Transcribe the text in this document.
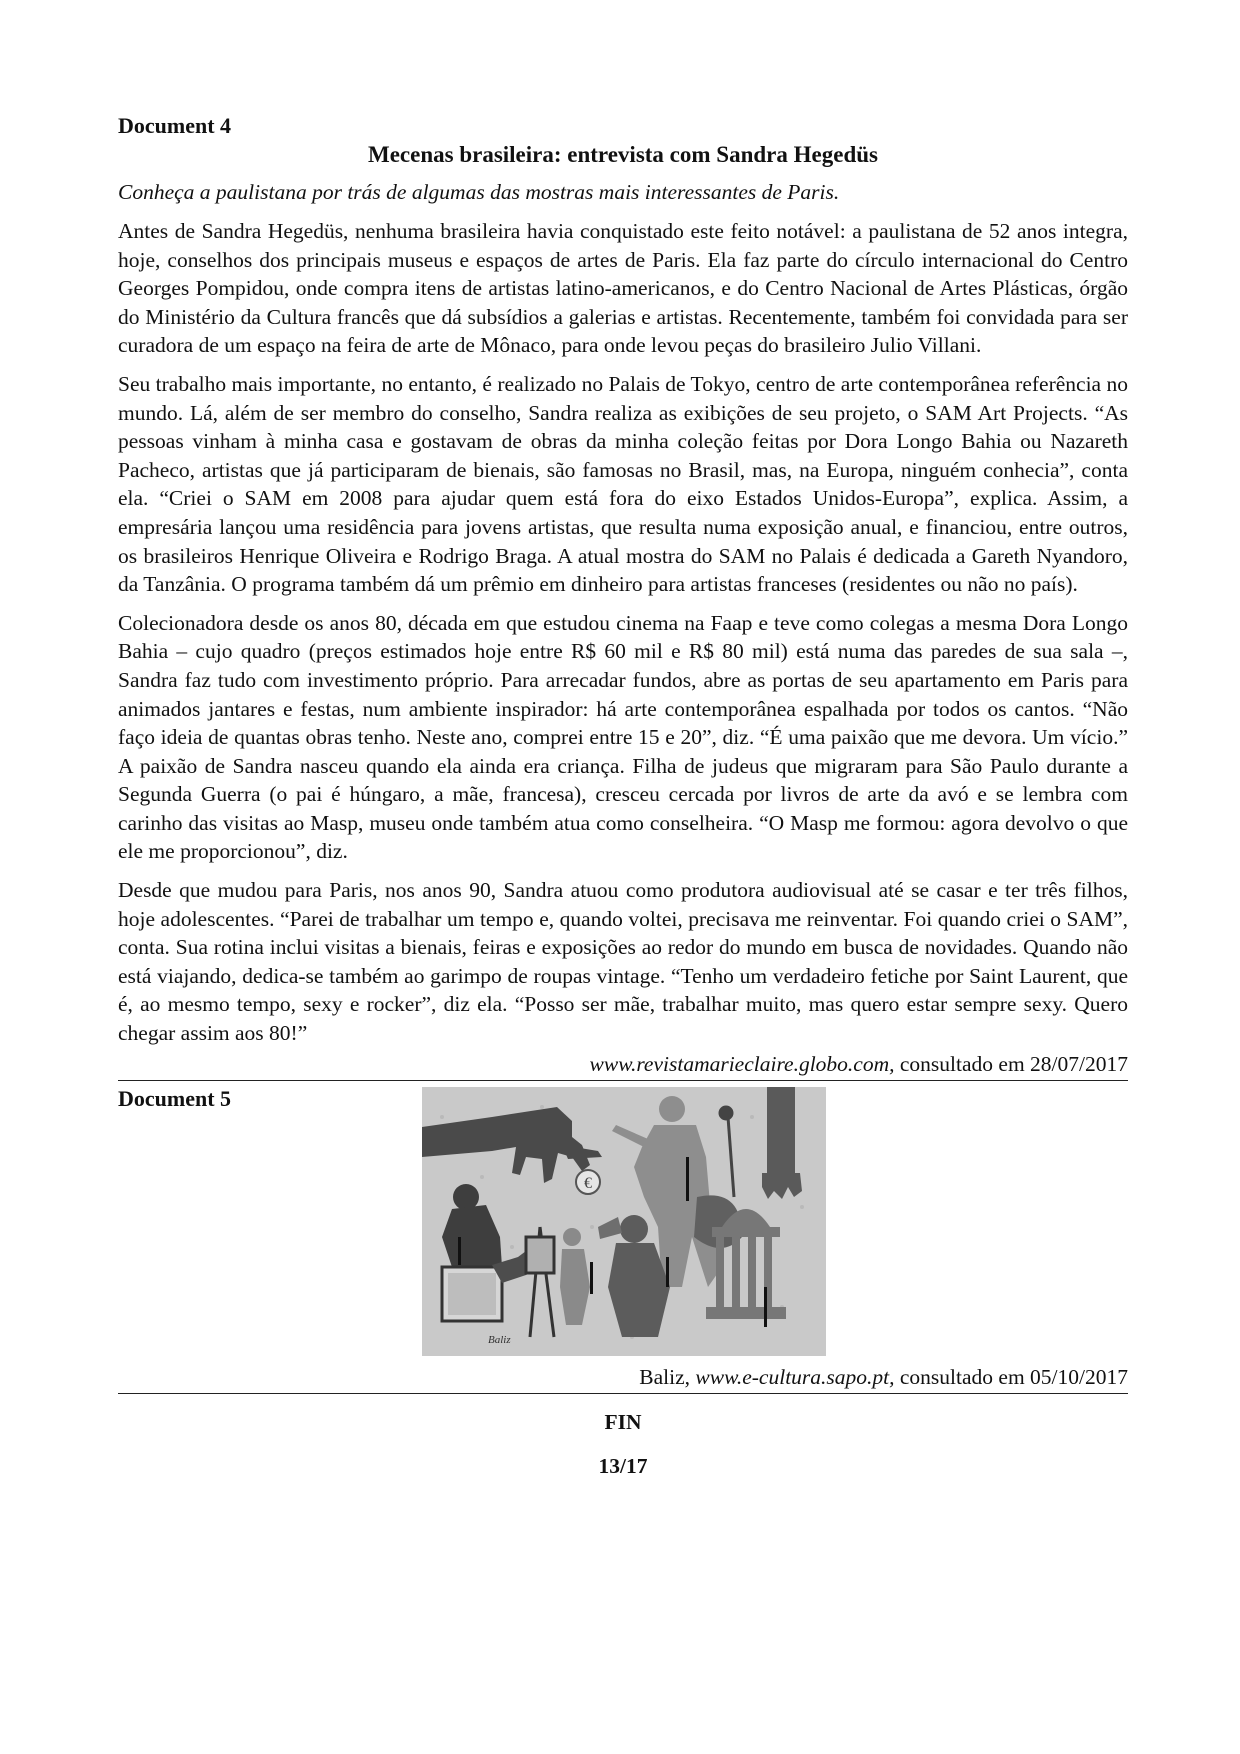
Document 4

Mecenas brasileira: entrevista com Sandra Hegedüs

Conheça a paulistana por trás de algumas das mostras mais interessantes de Paris.

Antes de Sandra Hegedüs, nenhuma brasileira havia conquistado este feito notável: a paulistana de 52 anos integra, hoje, conselhos dos principais museus e espaços de artes de Paris. Ela faz parte do círculo internacional do Centro Georges Pompidou, onde compra itens de artistas latino-americanos, e do Centro Nacional de Artes Plásticas, órgão do Ministério da Cultura francês que dá subsídios a galerias e artistas. Recentemente, também foi convidada para ser curadora de um espaço na feira de arte de Mônaco, para onde levou peças do brasileiro Julio Villani.

Seu trabalho mais importante, no entanto, é realizado no Palais de Tokyo, centro de arte contemporânea referência no mundo. Lá, além de ser membro do conselho, Sandra realiza as exibições de seu projeto, o SAM Art Projects. “As pessoas vinham à minha casa e gostavam de obras da minha coleção feitas por Dora Longo Bahia ou Nazareth Pacheco, artistas que já participaram de bienais, são famosas no Brasil, mas, na Europa, ninguém conhecia”, conta ela. “Criei o SAM em 2008 para ajudar quem está fora do eixo Estados Unidos-Europa”, explica. Assim, a empresária lançou uma residência para jovens artistas, que resulta numa exposição anual, e financiou, entre outros, os brasileiros Henrique Oliveira e Rodrigo Braga. A atual mostra do SAM no Palais é dedicada a Gareth Nyandoro, da Tanzânia. O programa também dá um prêmio em dinheiro para artistas franceses (residentes ou não no país).

Colecionadora desde os anos 80, década em que estudou cinema na Faap e teve como colegas a mesma Dora Longo Bahia – cujo quadro (preços estimados hoje entre R$ 60 mil e R$ 80 mil) está numa das paredes de sua sala –, Sandra faz tudo com investimento próprio. Para arrecadar fundos, abre as portas de seu apartamento em Paris para animados jantares e festas, num ambiente inspirador: há arte contemporânea espalhada por todos os cantos. “Não faço ideia de quantas obras tenho. Neste ano, comprei entre 15 e 20”, diz. “É uma paixão que me devora. Um vício.” A paixão de Sandra nasceu quando ela ainda era criança. Filha de judeus que migraram para São Paulo durante a Segunda Guerra (o pai é húngaro, a mãe, francesa), cresceu cercada por livros de arte da avó e se lembra com carinho das visitas ao Masp, museu onde também atua como conselheira. “O Masp me formou: agora devolvo o que ele me proporcionou”, diz.

Desde que mudou para Paris, nos anos 90, Sandra atuou como produtora audiovisual até se casar e ter três filhos, hoje adolescentes. “Parei de trabalhar um tempo e, quando voltei, precisava me reinventar. Foi quando criei o SAM”, conta. Sua rotina inclui visitas a bienais, feiras e exposições ao redor do mundo em busca de novidades. Quando não está viajando, dedica-se também ao garimpo de roupas vintage. “Tenho um verdadeiro fetiche por Saint Laurent, que é, ao mesmo tempo, sexy e rocker”, diz ela. “Posso ser mãe, trabalhar muito, mas quero estar sempre sexy. Quero chegar assim aos 80!”

www.revistamarieclaire.globo.com, consultado em 28/07/2017

Document 5

€
Baliz

Baliz, www.e-cultura.sapo.pt, consultado em 05/10/2017

FIN

13/17
